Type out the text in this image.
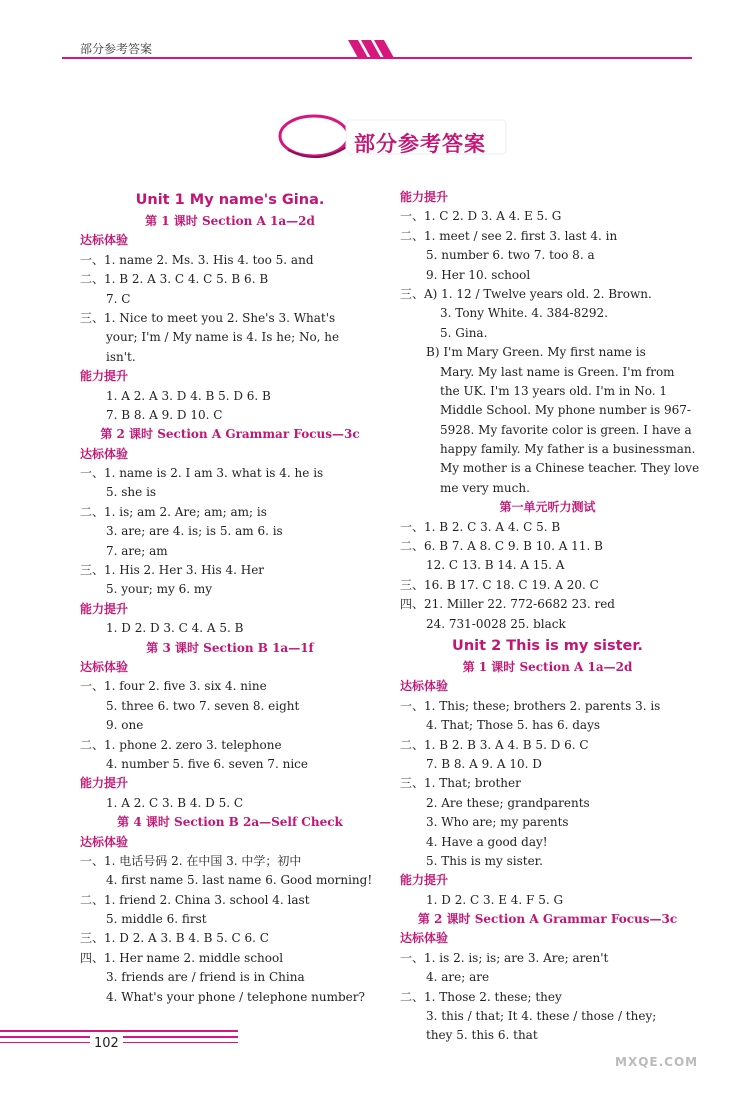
部分参考答案
部分参考答案
Unit 1 My name's Gina.
第 1 课时 Section A 1a—2d
达标体验
一、1. name 2. Ms. 3. His 4. too 5. and
二、1. B 2. A 3. C 4. C 5. B 6. B
7. C
三、1. Nice to meet you 2. She's 3. What's
your; I'm / My name is 4. Is he; No, he
isn't.
能力提升
1. A 2. A 3. D 4. B 5. D 6. B
7. B 8. A 9. D 10. C
第 2 课时 Section A Grammar Focus—3c
达标体验
一、1. name is 2. I am 3. what is 4. he is
5. she is
二、1. is; am 2. Are; am; am; is
3. are; are 4. is; is 5. am 6. is
7. are; am
三、1. His 2. Her 3. His 4. Her
5. your; my 6. my
能力提升
1. D 2. D 3. C 4. A 5. B
第 3 课时 Section B 1a—1f
达标体验
一、1. four 2. five 3. six 4. nine
5. three 6. two 7. seven 8. eight
9. one
二、1. phone 2. zero 3. telephone
4. number 5. five 6. seven 7. nice
能力提升
1. A 2. C 3. B 4. D 5. C
第 4 课时 Section B 2a—Self Check
达标体验
一、1. 电话号码 2. 在中国 3. 中学；初中
4. first name 5. last name 6. Good morning!
二、1. friend 2. China 3. school 4. last
5. middle 6. first
三、1. D 2. A 3. B 4. B 5. C 6. C
四、1. Her name 2. middle school
3. friends are / friend is in China
4. What's your phone / telephone number?
能力提升
一、1. C 2. D 3. A 4. E 5. G
二、1. meet / see 2. first 3. last 4. in
5. number 6. two 7. too 8. a
9. Her 10. school
三、A) 1. 12 / Twelve years old. 2. Brown.
3. Tony White. 4. 384-8292.
5. Gina.
B) I'm Mary Green. My first name is
Mary. My last name is Green. I'm from
the UK. I'm 13 years old. I'm in No. 1
Middle School. My phone number is 967-
5928. My favorite color is green. I have a
happy family. My father is a businessman.
My mother is a Chinese teacher. They love
me very much.
第一单元听力测试
一、1. B 2. C 3. A 4. C 5. B
二、6. B 7. A 8. C 9. B 10. A 11. B
12. C 13. B 14. A 15. A
三、16. B 17. C 18. C 19. A 20. C
四、21. Miller 22. 772-6682 23. red
24. 731-0028 25. black
Unit 2 This is my sister.
第 1 课时 Section A 1a—2d
达标体验
一、1. This; these; brothers 2. parents 3. is
4. That; Those 5. has 6. days
二、1. B 2. B 3. A 4. B 5. D 6. C
7. B 8. A 9. A 10. D
三、1. That; brother
2. Are these; grandparents
3. Who are; my parents
4. Have a good day!
5. This is my sister.
能力提升
1. D 2. C 3. E 4. F 5. G
第 2 课时 Section A Grammar Focus—3c
达标体验
一、1. is 2. is; is; are 3. Are; aren't
4. are; are
二、1. Those 2. these; they
3. this / that; It 4. these / those / they;
they 5. this 6. that
102
MXQE.COM
